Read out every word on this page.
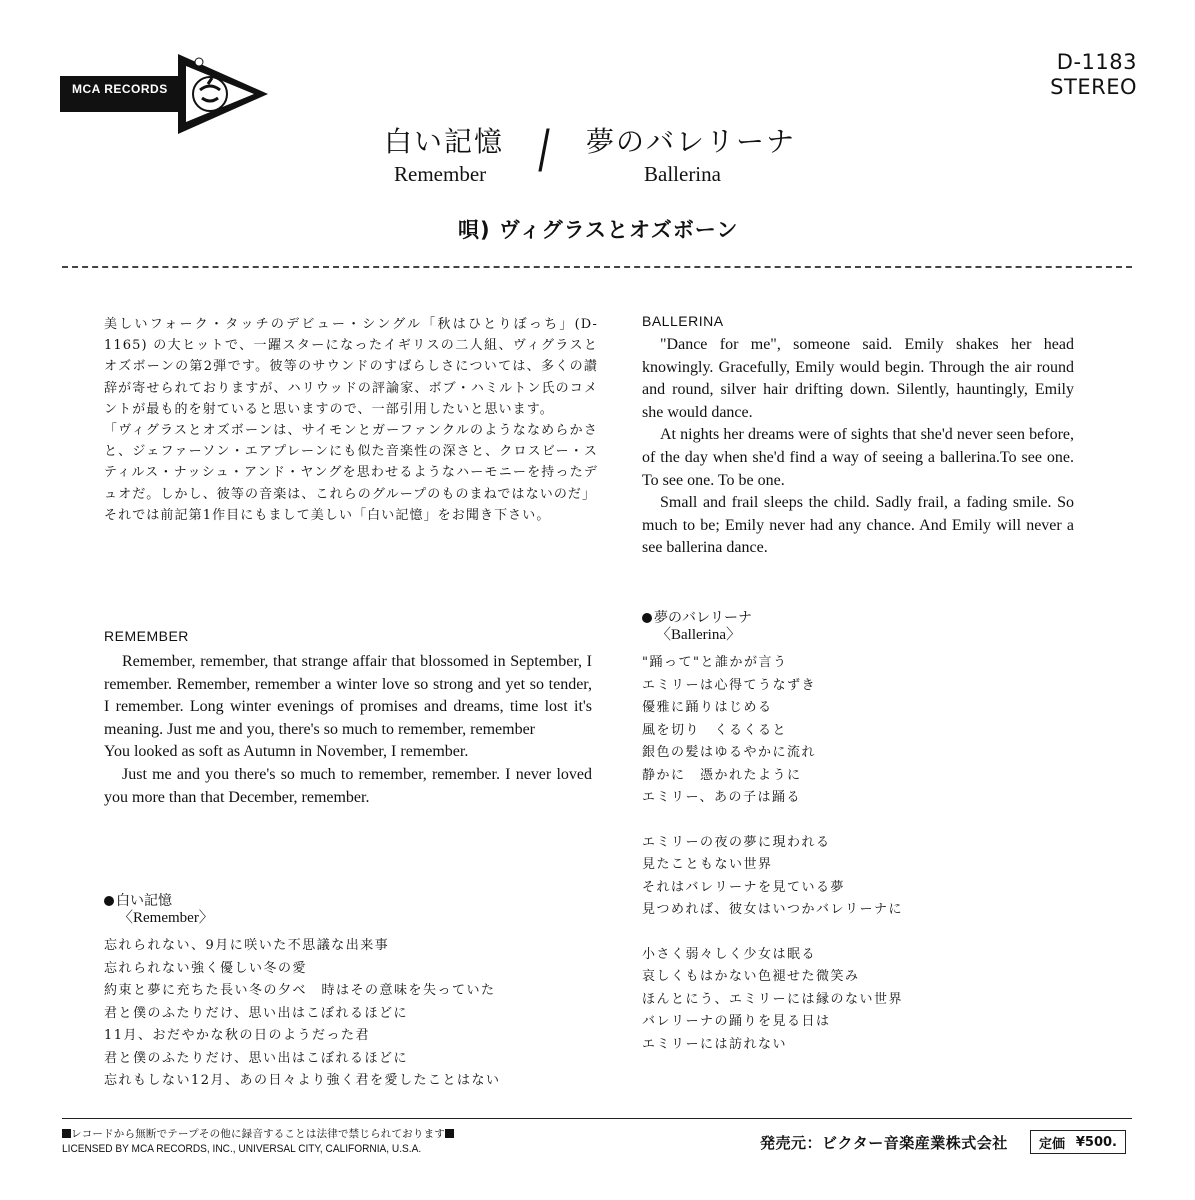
MCA RECORDS
D-1183
STEREO
白い記憶
Remember / 夢のバレリーナ
Ballerina
唄) ヴィグラスとオズボーン

美しいフォーク・タッチのデビュー・シングル「秋はひとりぼっち」(D-1165) の大ヒットで、一躍スターになったイギリスの二人組、ヴィグラスとオズボーンの第2弾です。彼等のサウンドのすばらしさについては、多くの讃辞が寄せられておりますが、ハリウッドの評論家、ボブ・ハミルトン氏のコメントが最も的を射ていると思いますので、一部引用したいと思います。

「ヴィグラスとオズボーンは、サイモンとガーファンクルのようななめらかさと、ジェファーソン・エアプレーンにも似た音楽性の深さと、クロスビー・スティルス・ナッシュ・アンド・ヤングを思わせるようなハーモニーを持ったデュオだ。しかし、彼等の音楽は、これらのグループのものまねではないのだ」

それでは前記第1作目にもまして美しい「白い記憶」をお聞き下さい。

REMEMBER

Remember, remember, that strange affair that blossomed in September, I remember. Remember, remember a winter love so strong and yet so tender, I remember. Long winter evenings of promises and dreams, time lost it's meaning. Just me and you, there's so much to remember, remember

You looked as soft as Autumn in November, I remember.

Just me and you there's so much to remember, remember. I never loved you more than that December, remember.

白い記憶
〈Remember〉
忘れられない、9月に咲いた不思議な出来事
忘れられない強く優しい冬の愛
約束と夢に充ちた長い冬の夕べ　時はその意味を失っていた
君と僕のふたりだけ、思い出はこぼれるほどに
11月、おだやかな秋の日のようだった君
君と僕のふたりだけ、思い出はこぼれるほどに
忘れもしない12月、あの日々より強く君を愛したことはない
BALLERINA

"Dance for me", someone said. Emily shakes her head knowingly. Gracefully, Emily would begin. Through the air round and round, silver hair drifting down. Silently, hauntingly, Emily she would dance.

At nights her dreams were of sights that she'd never seen before, of the day when she'd find a way of seeing a ballerina.To see one. To see one. To be one.

Small and frail sleeps the child. Sadly frail, a fading smile. So much to be; Emily never had any chance. And Emily will never a see ballerina dance.

夢のバレリーナ
〈Ballerina〉
"踊って"と誰かが言う
エミリーは心得てうなずき
優雅に踊りはじめる
風を切り　くるくると
銀色の髪はゆるやかに流れ
静かに　憑かれたように
エミリー、あの子は踊る
エミリーの夜の夢に現われる
見たこともない世界
それはバレリーナを見ている夢
見つめれば、彼女はいつかバレリーナに
小さく弱々しく少女は眠る
哀しくもはかない色褪せた微笑み
ほんとにう、エミリーには縁のない世界
バレリーナの踊りを見る日は
エミリーには訪れない
レコードから無断でテープその他に録音することは法律で禁じられております
LICENSED BY MCA RECORDS, INC., UNIVERSAL CITY, CALIFORNIA, U.S.A.	発売元：ビクター音楽産業株式会社 定価 ¥500.
